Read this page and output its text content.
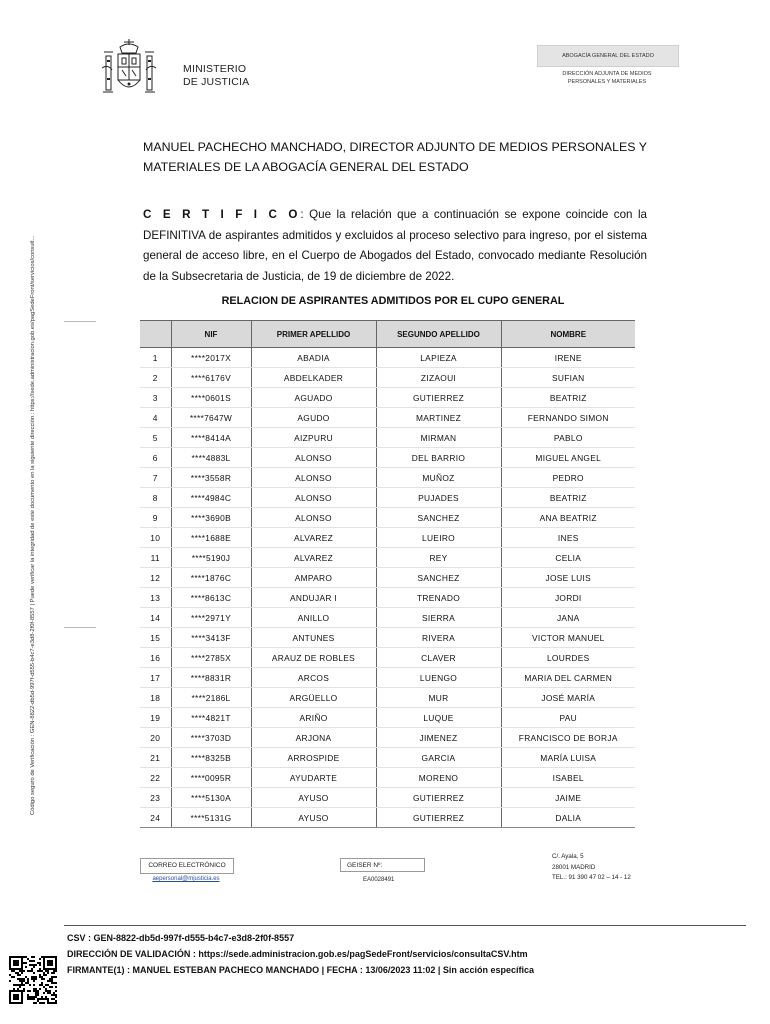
MINISTERIO
DE JUSTICIA
ABOGACÍA GENERAL DEL ESTADO
DIRECCIÓN ADJUNTA DE MEDIOS
PERSONALES Y MATERIALES
Código seguro de Verificación : GEN-8822-db5d-997f-d555-b4c7-e3d8-2f0f-8557 | Puede verificar la integridad de este documento en la siguiente dirección : https://sede.administracion.gob.es/pagSedeFront/servicios/consult...
MANUEL PACHECHO MANCHADO, DIRECTOR ADJUNTO DE MEDIOS PERSONALES Y MATERIALES DE LA ABOGACÍA GENERAL DEL ESTADO
C E R T I F I C O: Que la relación que a continuación se expone coincide con la DEFINITIVA de aspirantes admitidos y excluidos al proceso selectivo para ingreso, por el sistema general de acceso libre, en el Cuerpo de Abogados del Estado, convocado mediante Resolución de la Subsecretaria de Justicia, de 19 de diciembre de 2022.
RELACION DE ASPIRANTES ADMITIDOS POR EL CUPO GENERAL
	NIF	PRIMER APELLIDO	SEGUNDO APELLIDO	NOMBRE
1	****2017X	ABADIA	LAPIEZA	IRENE
2	****6176V	ABDELKADER	ZIZAOUI	SUFIAN
3	****0601S	AGUADO	GUTIERREZ	BEATRIZ
4	****7647W	AGUDO	MARTINEZ	FERNANDO SIMON
5	****8414A	AIZPURU	MIRMAN	PABLO
6	****4883L	ALONSO	DEL BARRIO	MIGUEL ANGEL
7	****3558R	ALONSO	MUÑOZ	PEDRO
8	****4984C	ALONSO	PUJADES	BEATRIZ
9	****3690B	ALONSO	SANCHEZ	ANA BEATRIZ
10	****1688E	ALVAREZ	LUEIRO	INES
11	****5190J	ALVAREZ	REY	CELIA
12	****1876C	AMPARO	SANCHEZ	JOSE LUIS
13	****8613C	ANDUJAR I	TRENADO	JORDI
14	****2971Y	ANILLO	SIERRA	JANA
15	****3413F	ANTUNES	RIVERA	VICTOR MANUEL
16	****2785X	ARAUZ DE ROBLES	CLAVER	LOURDES
17	****8831R	ARCOS	LUENGO	MARIA DEL CARMEN
18	****2186L	ARGÜELLO	MUR	JOSÉ MARÍA
19	****4821T	ARIÑO	LUQUE	PAU
20	****3703D	ARJONA	JIMENEZ	FRANCISCO DE BORJA
21	****8325B	ARROSPIDE	GARCIA	MARÍA LUISA
22	****0095R	AYUDARTE	MORENO	ISABEL
23	****5130A	AYUSO	GUTIERREZ	JAIME
24	****5131G	AYUSO	GUTIERREZ	DALIA
CORREO ELECTRÓNICO
aepersonal@mjusticia.es
GEISER Nº:
EA0028491
C/. Ayala, 5
28001 MADRID
TEL.: 91 390 47 02 – 14 - 12
CSV : GEN-8822-db5d-997f-d555-b4c7-e3d8-2f0f-8557
DIRECCIÓN DE VALIDACIÓN : https://sede.administracion.gob.es/pagSedeFront/servicios/consultaCSV.htm
FIRMANTE(1) : MANUEL ESTEBAN PACHECO MANCHADO | FECHA : 13/06/2023 11:02 | Sin acción específica
